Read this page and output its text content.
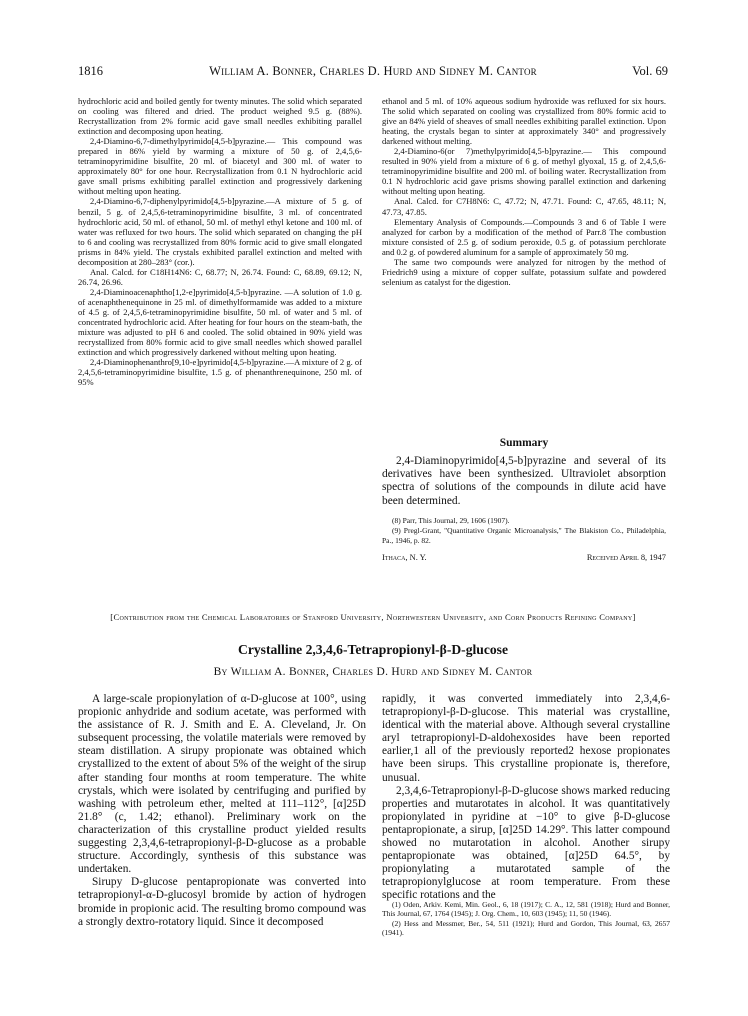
1816	William A. Bonner, Charles D. Hurd and Sidney M. Cantor	Vol. 69

hydrochloric acid and boiled gently for twenty minutes. The solid which separated on cooling was filtered and dried. The product weighed 9.5 g. (88%). Recrystallization from 2% formic acid gave small needles exhibiting parallel extinction and decomposing upon heating.

2,4-Diamino-6,7-dimethylpyrimido[4,5-b]pyrazine.— This compound was prepared in 86% yield by warming a mixture of 50 g. of 2,4,5,6-tetraminopyrimidine bisulfite, 20 ml. of biacetyl and 300 ml. of water to approximately 80° for one hour. Recrystallization from 0.1 N hydrochloric acid gave small prisms exhibiting parallel extinction and progressively darkening without melting upon heating.

2,4-Diamino-6,7-diphenylpyrimido[4,5-b]pyrazine.—A mixture of 5 g. of benzil, 5 g. of 2,4,5,6-tetraminopyrimidine bisulfite, 3 ml. of concentrated hydrochloric acid, 50 ml. of ethanol, 50 ml. of methyl ethyl ketone and 100 ml. of water was refluxed for two hours. The solid which separated on changing the pH to 6 and cooling was recrystallized from 80% formic acid to give small elongated prisms in 84% yield. The crystals exhibited parallel extinction and melted with decomposition at 280–283° (cor.).

Anal. Calcd. for C18H14N6: C, 68.77; N, 26.74. Found: C, 68.89, 69.12; N, 26.74, 26.96.

2,4-Diaminoacenaphtho[1,2-e]pyrimido[4,5-b]pyrazine. —A solution of 1.0 g. of acenaphthenequinone in 25 ml. of dimethylformamide was added to a mixture of 4.5 g. of 2,4,5,6-tetraminopyrimidine bisulfite, 50 ml. of water and 5 ml. of concentrated hydrochloric acid. After heating for four hours on the steam-bath, the mixture was adjusted to pH 6 and cooled. The solid obtained in 90% yield was recrystallized from 80% formic acid to give small needles which showed parallel extinction and which progressively darkened without melting upon heating.

2,4-Diaminophenanthro[9,10-e]pyrimido[4,5-b]pyrazine.—A mixture of 2 g. of 2,4,5,6-tetraminopyrimidine bisulfite, 1.5 g. of phenanthrenequinone, 250 ml. of 95%

ethanol and 5 ml. of 10% aqueous sodium hydroxide was refluxed for six hours. The solid which separated on cooling was crystallized from 80% formic acid to give an 84% yield of sheaves of small needles exhibiting parallel extinction. Upon heating, the crystals began to sinter at approximately 340° and progressively darkened without melting.

2,4-Diamino-6(or 7)methylpyrimido[4,5-b]pyrazine.— This compound resulted in 90% yield from a mixture of 6 g. of methyl glyoxal, 15 g. of 2,4,5,6-tetraminopyrimidine bisulfite and 200 ml. of boiling water. Recrystallization from 0.1 N hydrochloric acid gave prisms showing parallel extinction and darkening without melting upon heating.

Anal. Calcd. for C7H8N6: C, 47.72; N, 47.71. Found: C, 47.65, 48.11; N, 47.73, 47.85.

Elementary Analysis of Compounds.—Compounds 3 and 6 of Table I were analyzed for carbon by a modification of the method of Parr.8 The combustion mixture consisted of 2.5 g. of sodium peroxide, 0.5 g. of potassium perchlorate and 0.2 g. of powdered aluminum for a sample of approximately 50 mg.

The same two compounds were analyzed for nitrogen by the method of Friedrich9 using a mixture of copper sulfate, potassium sulfate and powdered selenium as catalyst for the digestion.

Summary

2,4-Diaminopyrimido[4,5-b]pyrazine and several of its derivatives have been synthesized. Ultraviolet absorption spectra of solutions of the compounds in dilute acid have been determined.

(8) Parr, This Journal, 29, 1606 (1907).

(9) Pregl-Grant, "Quantitative Organic Microanalysis," The Blakiston Co., Philadelphia, Pa., 1946, p. 82.

Ithaca, N. Y.	Received April 8, 1947
[Contribution from the Chemical Laboratories of Stanford University, Northwestern University, and Corn Products Refining Company]
Crystalline 2,3,4,6-Tetrapropionyl-β-D-glucose
By William A. Bonner, Charles D. Hurd and Sidney M. Cantor

A large-scale propionylation of α-D-glucose at 100°, using propionic anhydride and sodium acetate, was performed with the assistance of R. J. Smith and E. A. Cleveland, Jr. On subsequent processing, the volatile materials were removed by steam distillation. A sirupy propionate was obtained which crystallized to the extent of about 5% of the weight of the sirup after standing four months at room temperature. The white crystals, which were isolated by centrifuging and purified by washing with petroleum ether, melted at 111–112°, [α]25D 21.8° (c, 1.42; ethanol). Preliminary work on the characterization of this crystalline product yielded results suggesting 2,3,4,6-tetrapropionyl-β-D-glucose as a probable structure. Accordingly, synthesis of this substance was undertaken.

Sirupy D-glucose pentapropionate was converted into tetrapropionyl-α-D-glucosyl bromide by action of hydrogen bromide in propionic acid. The resulting bromo compound was a strongly dextro-rotatory liquid. Since it decomposed

rapidly, it was converted immediately into 2,3,4,6-tetrapropionyl-β-D-glucose. This material was crystalline, identical with the material above. Although several crystalline aryl tetrapropionyl-D-aldohexosides have been reported earlier,1 all of the previously reported2 hexose propionates have been sirups. This crystalline propionate is, therefore, unusual.

2,3,4,6-Tetrapropionyl-β-D-glucose shows marked reducing properties and mutarotates in alcohol. It was quantitatively propionylated in pyridine at −10° to give β-D-glucose pentapropionate, a sirup, [α]25D 14.29°. This latter compound showed no mutarotation in alcohol. Another sirupy pentapropionate was obtained, [α]25D 64.5°, by propionylating a mutarotated sample of the tetrapropionylglucose at room temperature. From these specific rotations and the

(1) Oden, Arkiv. Kemi, Min. Geol., 6, 18 (1917); C. A., 12, 581 (1918); Hurd and Bonner, This Journal, 67, 1764 (1945); J. Org. Chem., 10, 603 (1945); 11, 50 (1946).

(2) Hess and Messmer, Ber., 54, 511 (1921); Hurd and Gordon, This Journal, 63, 2657 (1941).
